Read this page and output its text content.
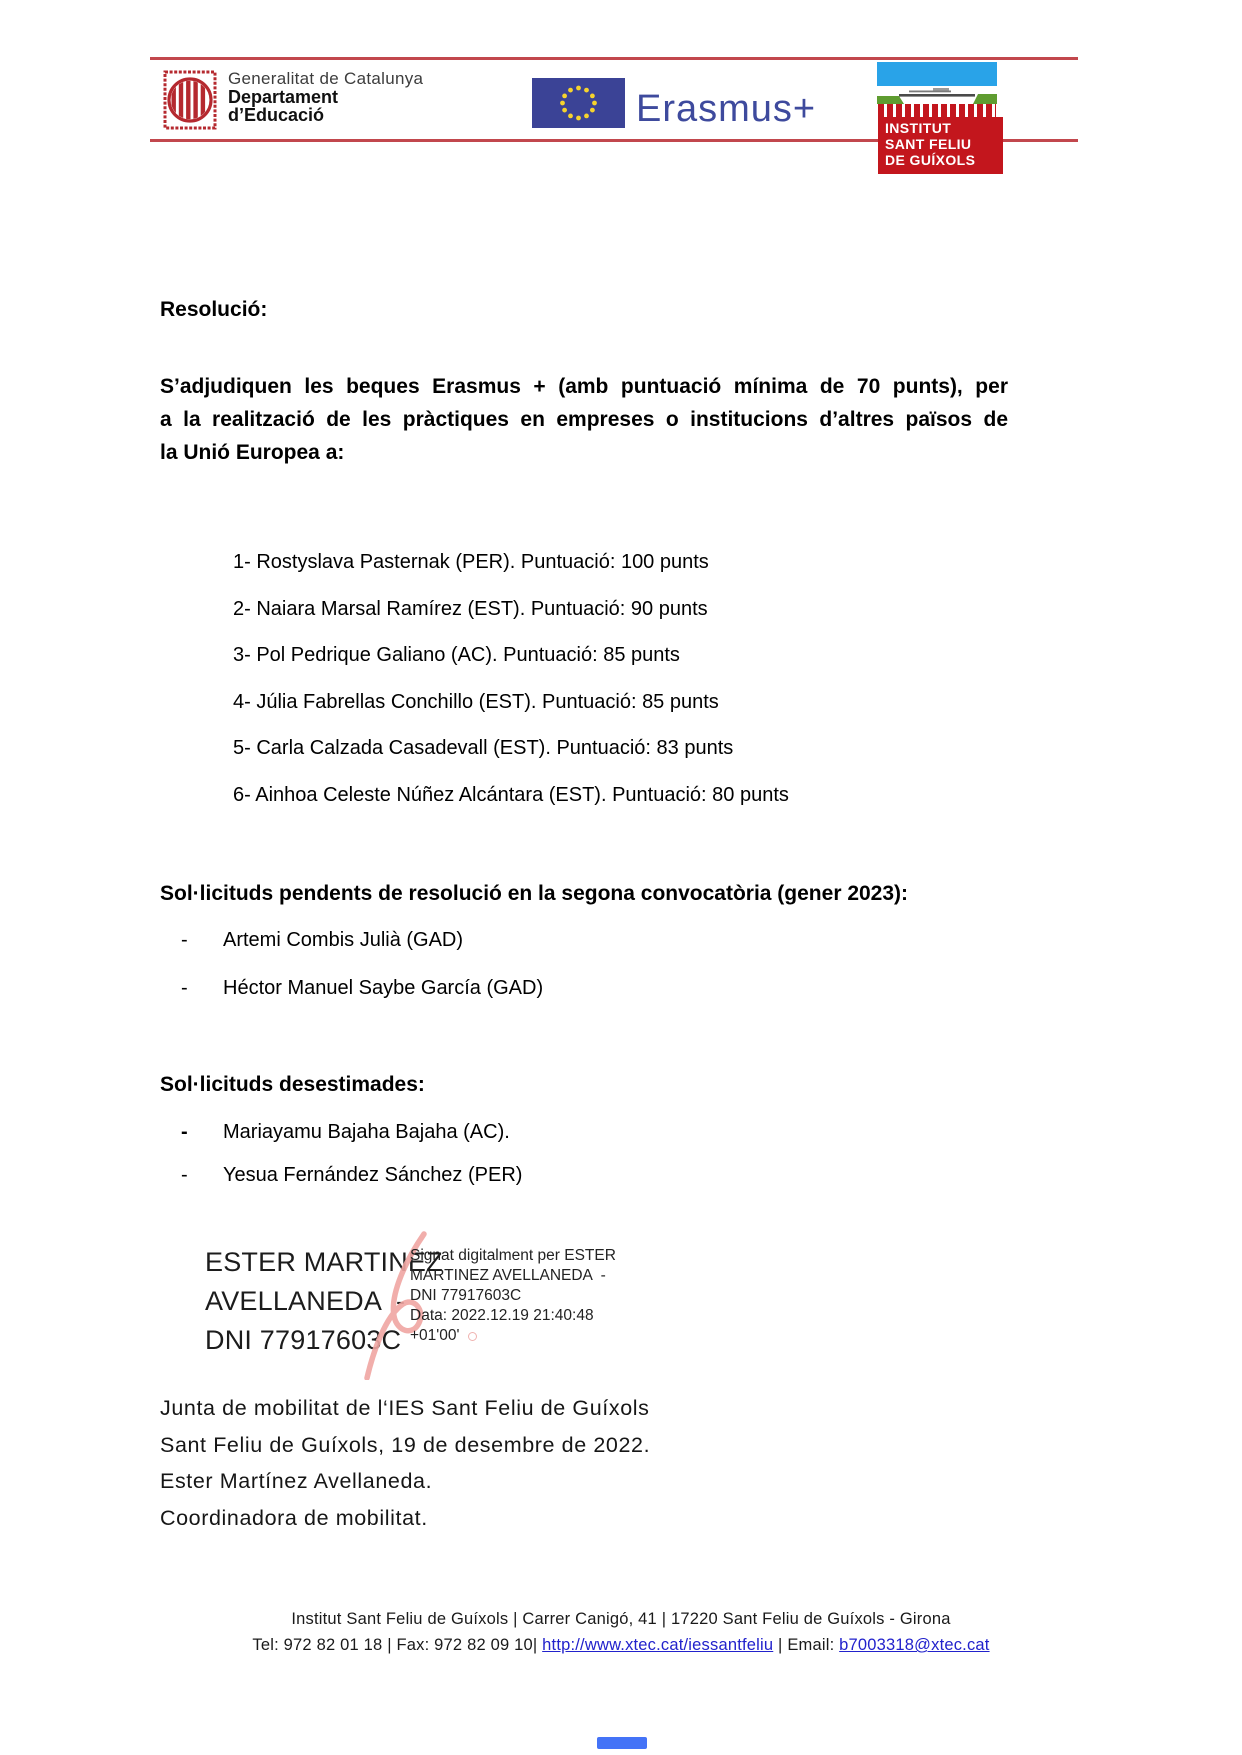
Generalitat de Catalunya
Departament
d’Educació	Erasmus+	INSTITUT
SANT FELIU
DE GUÍXOLS
Resolució:
S’adjudiquen les beques Erasmus + (amb puntuació mínima de 70 punts), per
a la realització de les pràctiques en empreses o institucions d’altres països de
la Unió Europea a:
1- Rostyslava Pasternak (PER). Puntuació: 100 punts
2- Naiara Marsal Ramírez (EST). Puntuació: 90 punts
3- Pol Pedrique Galiano (AC). Puntuació: 85 punts
4- Júlia Fabrellas Conchillo (EST). Puntuació: 85 punts
5- Carla Calzada Casadevall (EST). Puntuació: 83 punts
6- Ainhoa Celeste Núñez Alcántara (EST). Puntuació: 80 punts
Sol·licituds pendents de resolució en la segona convocatòria (gener 2023):
-	Artemi Combis Julià (GAD)
-	Héctor Manuel Saybe García (GAD)
Sol·licituds desestimades:
-	Mariayamu Bajaha Bajaha (AC).
-	Yesua Fernández Sánchez (PER)
ESTER MARTINEZ
AVELLANEDA  -
DNI 77917603C
Signat digitalment per ESTER
MARTINEZ AVELLANEDA  -
DNI 77917603C
Data: 2022.12.19 21:40:48
+01'00'
Junta de mobilitat de l‘IES Sant Feliu de Guíxols
Sant Feliu de Guíxols, 19 de desembre de 2022.
Ester Martínez Avellaneda.
Coordinadora de mobilitat.
Institut Sant Feliu de Guíxols | Carrer Canigó, 41 | 17220 Sant Feliu de Guíxols - Girona
Tel: 972 82 01 18 | Fax: 972 82 09 10| http://www.xtec.cat/iessantfeliu | Email: b7003318@xtec.cat
